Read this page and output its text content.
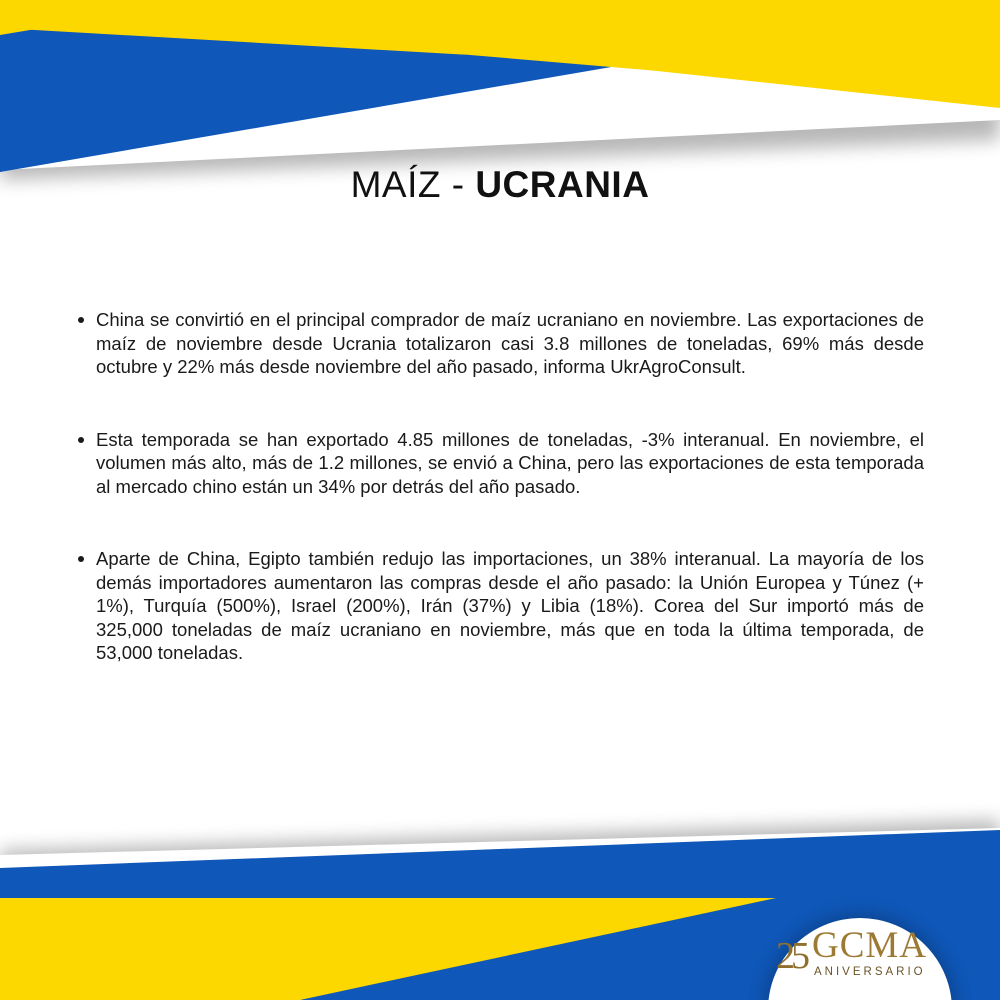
MAÍZ - UCRANIA
China se convirtió en el principal comprador de maíz ucraniano en noviembre. Las exportaciones de maíz de noviembre desde Ucrania totalizaron casi 3.8 millones de toneladas, 69% más desde octubre y 22% más desde noviembre del año pasado, informa UkrAgroConsult.
Esta temporada se han exportado 4.85 millones de toneladas, -3% interanual. En noviembre, el volumen más alto, más de 1.2 millones, se envió a China, pero las exportaciones de esta temporada al mercado chino están un 34% por detrás del año pasado.
Aparte de China, Egipto también redujo las importaciones, un 38% interanual. La mayoría de los demás importadores aumentaron las compras desde el año pasado: la Unión Europea y Túnez (+ 1%), Turquía (500%), Israel (200%), Irán (37%) y Libia (18%). Corea del Sur importó más de 325,000 toneladas de maíz ucraniano en noviembre, más que en toda la última temporada, de 53,000 toneladas.
25 GCMA
ANIVERSARIO
